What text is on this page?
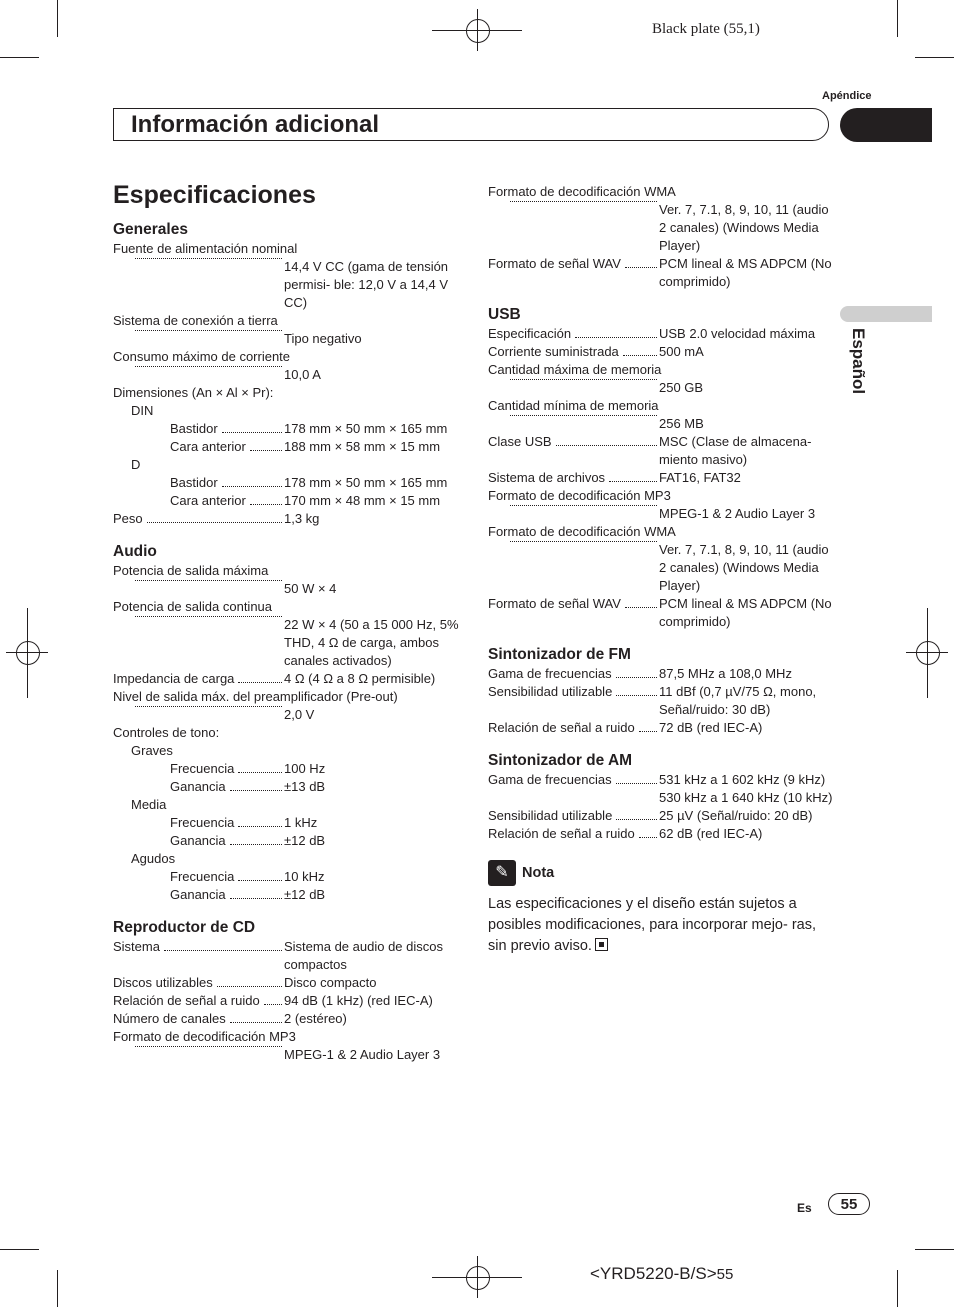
Black plate (55,1)
Apéndice
Información adicional
Español
Especificaciones
Generales
Fuente de alimentación nominal
14,4 V CC (gama de tensión permisi- ble: 12,0 V a 14,4 V CC)
Sistema de conexión a tierra
Tipo negativo
Consumo máximo de corriente
10,0 A
Dimensiones (An × Al × Pr):
DIN
Bastidor	178 mm × 50 mm × 165 mm
Cara anterior	188 mm × 58 mm × 15 mm
D
Bastidor	178 mm × 50 mm × 165 mm
Cara anterior	170 mm × 48 mm × 15 mm
Peso	1,3 kg
Audio
Potencia de salida máxima
50 W × 4
Potencia de salida continua
22 W × 4 (50 a 15 000 Hz, 5% THD, 4 Ω de carga, ambos canales activados)
Impedancia de carga	4 Ω (4 Ω a 8 Ω permisible)
Nivel de salida máx. del preamplificador (Pre-out)
2,0 V
Controles de tono:
Graves
Frecuencia	100 Hz
Ganancia	±13 dB
Media
Frecuencia	1 kHz
Ganancia	±12 dB
Agudos
Frecuencia	10 kHz
Ganancia	±12 dB
Reproductor de CD
Sistema	Sistema de audio de discos compactos
Discos utilizables	Disco compacto
Relación de señal a ruido 94 dB (1 kHz) (red IEC-A)
Número de canales	2 (estéreo)
Formato de decodificación MP3
MPEG-1 & 2 Audio Layer 3
Formato de decodificación WMA
Ver. 7, 7.1, 8, 9, 10, 11 (audio 2 canales) (Windows Media Player)
Formato de señal WAV	PCM lineal & MS ADPCM (No comprimido)
USB
Especificación	USB 2.0 velocidad máxima
Corriente suministrada	500 mA
Cantidad máxima de memoria
250 GB
Cantidad mínima de memoria
256 MB
Clase USB	MSC (Clase de almacena- miento masivo)
Sistema de archivos	FAT16, FAT32
Formato de decodificación MP3
MPEG-1 & 2 Audio Layer 3
Formato de decodificación WMA
Ver. 7, 7.1, 8, 9, 10, 11 (audio 2 canales) (Windows Media Player)
Formato de señal WAV	PCM lineal & MS ADPCM (No comprimido)
Sintonizador de FM
Gama de frecuencias	87,5 MHz a 108,0 MHz
Sensibilidad utilizable	11 dBf (0,7 µV/75 Ω, mono, Señal/ruido: 30 dB)
Relación de señal a ruido 72 dB (red IEC-A)
Sintonizador de AM
Gama de frecuencias	531 kHz a 1 602 kHz (9 kHz) 530 kHz a 1 640 kHz (10 kHz)
Sensibilidad utilizable	25 µV (Señal/ruido: 20 dB)
Relación de señal a ruido 62 dB (red IEC-A)
✎ Nota
Las especificaciones y el diseño están sujetos a posibles modificaciones, para incorporar mejo- ras, sin previo aviso.
Es	55
<YRD5220-B/S>55
